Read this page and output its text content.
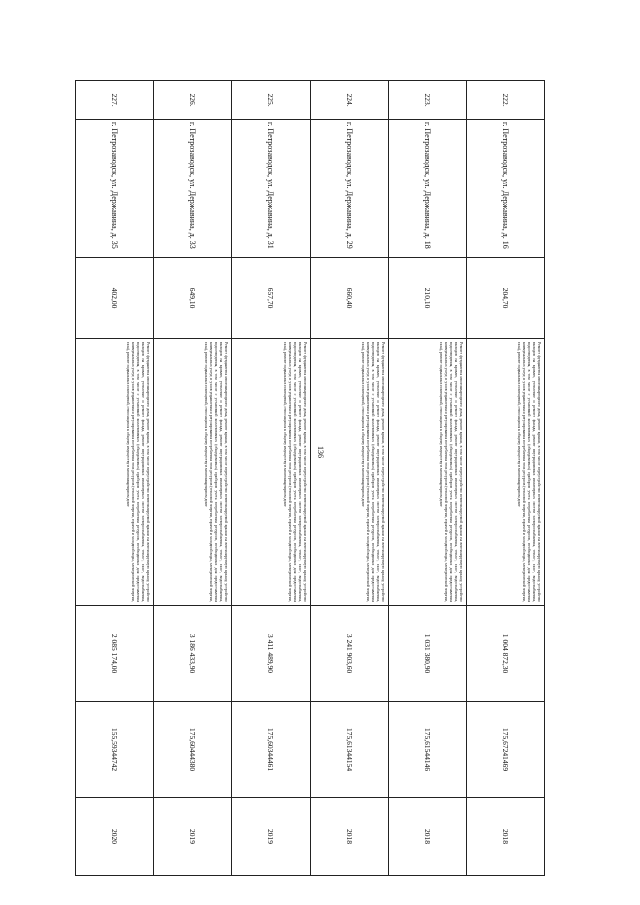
136
222.	г. Петрозаводск, ул. Державина, д. 16	204,70	Ремонт фундамента многоквартирного дома, ремонт крыши, в том числе переустройство невентилируемой крыши на вентилируемую крышу, устройство выходов на кровлю, утепление и ремонт фасада, ремонт внутридомовых инженерных систем электроснабжения, тепло-, газо-, водоснабжения, водоотведения, в том числе с установкой коллективных (общедомовых) приборов учета потребления ресурсов, необходимых для предоставления коммунальных услуг, и узлов управления и регулирования потребления этих ресурсов (тепловой энергии, горячей и холодной воды, электрической энергии, газа), ремонт подвальных помещений, относящихся к общему имуществу в многоквартирном доме	1 004 872,30	175,67241469	2018
223.	г. Петрозаводск, ул. Державина, д. 18	210,10	Ремонт фундамента многоквартирного дома, ремонт крыши, в том числе переустройство невентилируемой крыши на вентилируемую крышу, устройство выходов на кровлю, утепление и ремонт фасада, ремонт внутридомовых инженерных систем электроснабжения, тепло-, газо-, водоснабжения, водоотведения, в том числе с установкой коллективных (общедомовых) приборов учета потребления ресурсов, необходимых для предоставления коммунальных услуг, и узлов управления и регулирования потребления этих ресурсов (тепловой энергии, горячей и холодной воды, электрической энергии, газа), ремонт подвальных помещений, относящихся к общему имуществу в многоквартирном доме	1 031 380,90	175,61544146	2018
224.	г. Петрозаводск, ул. Державина, д. 29	660,40	Ремонт фундамента многоквартирного дома, ремонт крыши, в том числе переустройство невентилируемой крыши на вентилируемую крышу, устройство выходов на кровлю, утепление и ремонт фасада, ремонт внутридомовых инженерных систем электроснабжения, тепло-, газо-, водоснабжения, водоотведения, в том числе с установкой коллективных (общедомовых) приборов учета потребления ресурсов, необходимых для предоставления коммунальных услуг, и узлов управления и регулирования потребления этих ресурсов (тепловой энергии, горячей и холодной воды, электрической энергии, газа), ремонт подвальных помещений, относящихся к общему имуществу в многоквартирном доме	3 241 903,60	175,61344154	2018
225.	г. Петрозаводск, ул. Державина, д. 31	657,70	Ремонт фундамента многоквартирного дома, ремонт крыши, в том числе переустройство невентилируемой крыши на вентилируемую крышу, устройство выходов на кровлю, утепление и ремонт фасада, ремонт внутридомовых инженерных систем электроснабжения, тепло-, газо-, водоснабжения, водоотведения, в том числе с установкой коллективных (общедомовых) приборов учета потребления ресурсов, необходимых для предоставления коммунальных услуг, и узлов управления и регулирования потребления этих ресурсов (тепловой энергии, горячей и холодной воды, электрической энергии, газа), ремонт подвальных помещений, относящихся к общему имуществу в многоквартирном доме	3 411 489,90	175,60344461	2019
226.	г. Петрозаводск, ул. Державина, д. 33	649,10	Ремонт фундамента многоквартирного дома, ремонт крыши, в том числе переустройство невентилируемой крыши на вентилируемую крышу, устройство выходов на кровлю, утепление и ремонт фасада, ремонт внутридомовых инженерных систем электроснабжения, тепло-, газо-, водоснабжения, водоотведения, в том числе с установкой коллективных (общедомовых) приборов учета потребления ресурсов, необходимых для предоставления коммунальных услуг, и узлов управления и регулирования потребления этих ресурсов (тепловой энергии, горячей и холодной воды, электрической энергии, газа), ремонт подвальных помещений, относящихся к общему имуществу в многоквартирном доме	3 186 433,90	175,60444380	2019
227.	г. Петрозаводск, ул. Державина, д. 35	402,00	Ремонт фундамента многоквартирного дома, ремонт крыши, в том числе переустройство невентилируемой крыши на вентилируемую крышу, устройство выходов на кровлю, утепление и ремонт фасада, ремонт внутридомовых инженерных систем электроснабжения, тепло-, газо-, водоснабжения, водоотведения, в том числе с установкой коллективных (общедомовых) приборов учета потребления ресурсов, необходимых для предоставления коммунальных услуг, и узлов управления и регулирования потребления этих ресурсов (тепловой энергии, горячей и холодной воды, электрической энергии, газа), ремонт подвальных помещений, относящихся к общему имуществу в многоквартирном доме	2 085 174,00	155,59344742	2020
